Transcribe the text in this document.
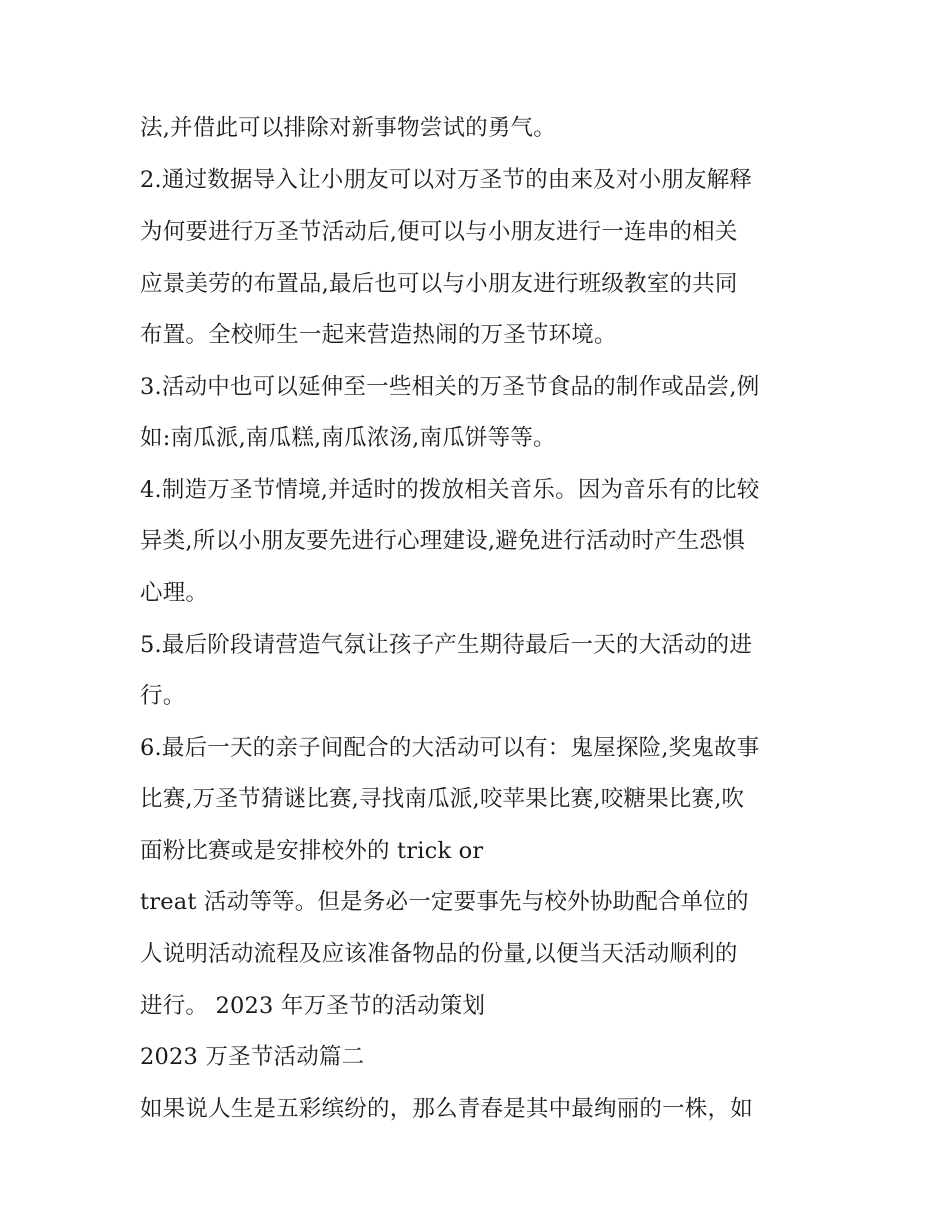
法,并借此可以排除对新事物尝试的勇气。
2.通过数据导入让小朋友可以对万圣节的由来及对小朋友解释
为何要进行万圣节活动后,便可以与小朋友进行一连串的相关
应景美劳的布置品,最后也可以与小朋友进行班级教室的共同
布置。全校师生一起来营造热闹的万圣节环境。
3.活动中也可以延伸至一些相关的万圣节食品的制作或品尝,例
如:南瓜派,南瓜糕,南瓜浓汤,南瓜饼等等。
4.制造万圣节情境,并适时的拨放相关音乐。因为音乐有的比较
异类,所以小朋友要先进行心理建设,避免进行活动时产生恐惧
心理。
5.最后阶段请营造气氛让孩子产生期待最后一天的大活动的进
行。
6.最后一天的亲子间配合的大活动可以有：鬼屋探险,奖鬼故事
比赛,万圣节猜谜比赛,寻找南瓜派,咬苹果比赛,咬糖果比赛,吹
面粉比赛或是安排校外的 trick or
treat 活动等等。但是务必一定要事先与校外协助配合单位的
人说明活动流程及应该准备物品的份量,以便当天活动顺利的
进行。 2023 年万圣节的活动策划
2023 万圣节活动篇二
如果说人生是五彩缤纷的，那么青春是其中最绚丽的一株，如
